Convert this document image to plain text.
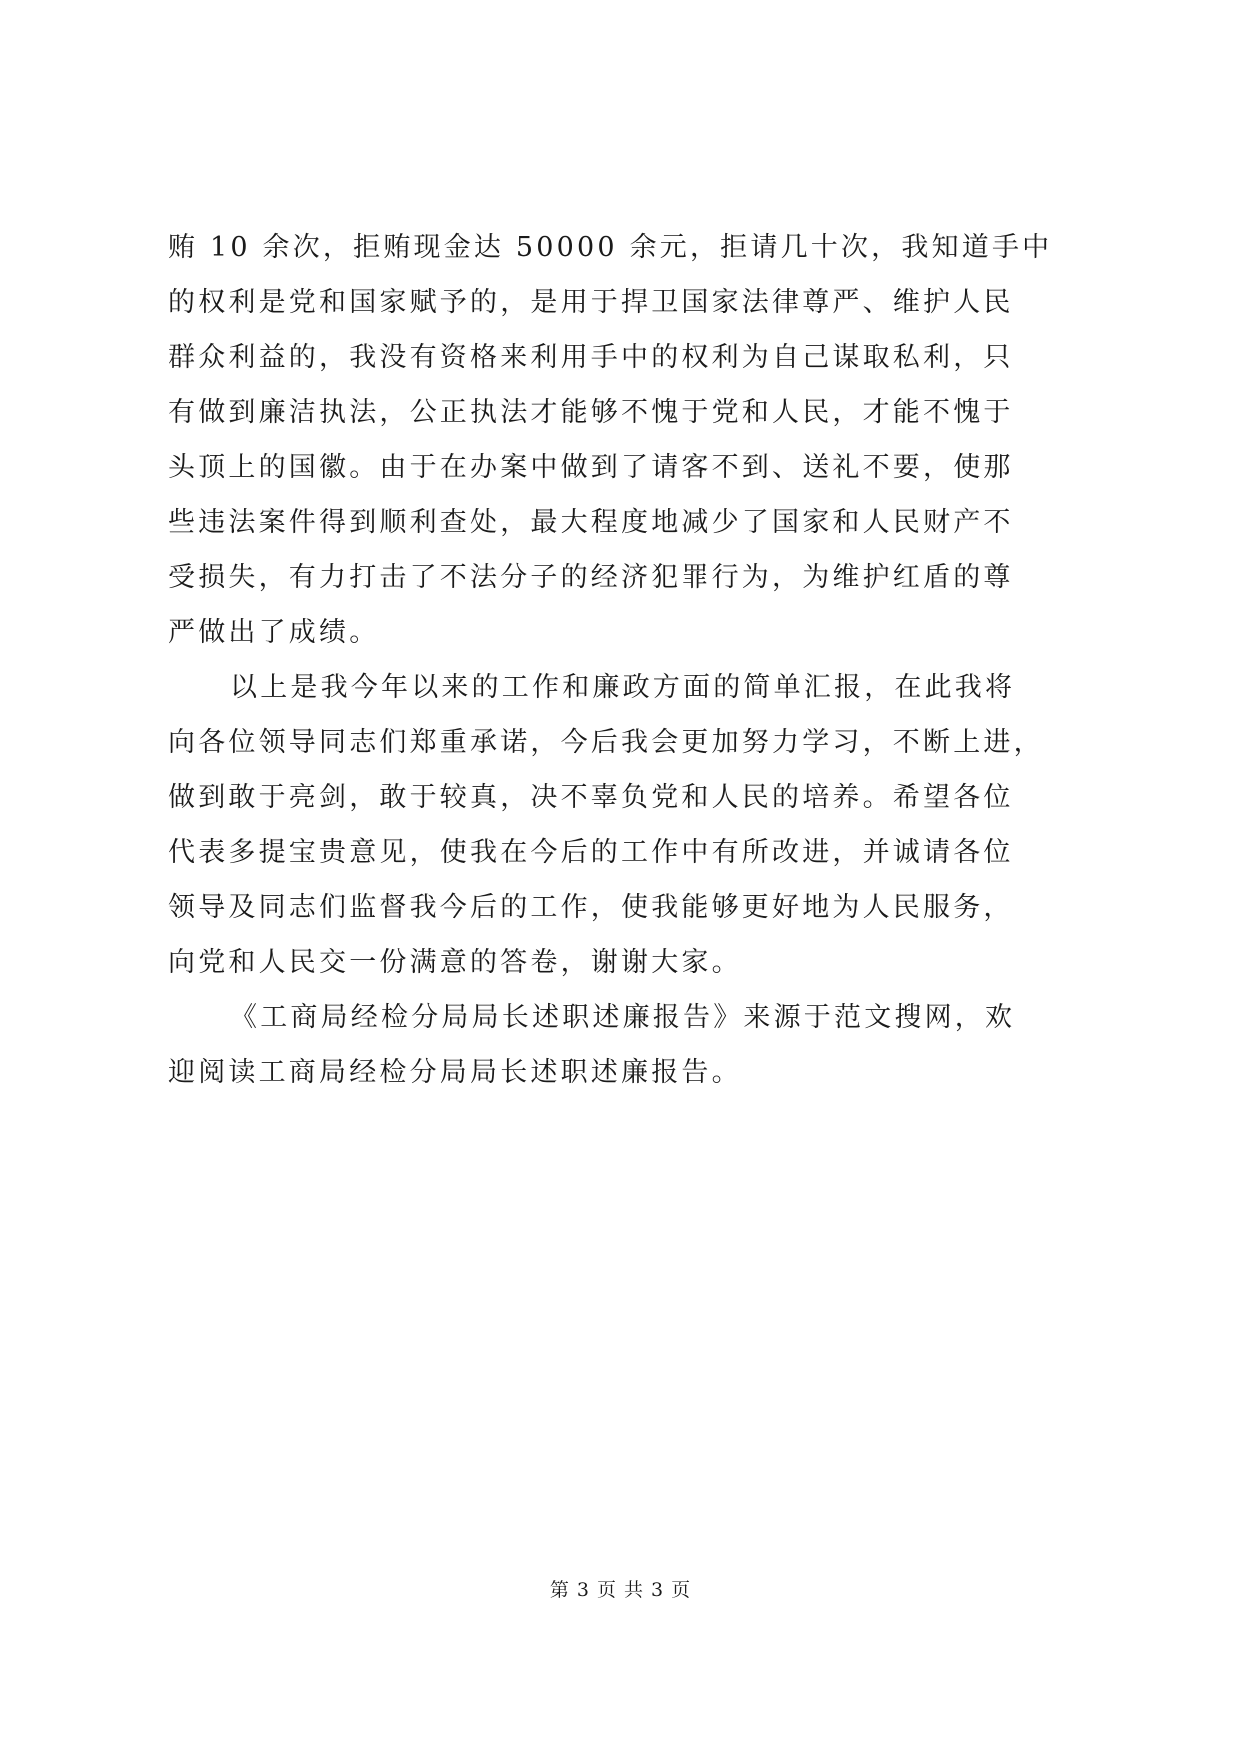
贿 10 余次，拒贿现金达 50000 余元，拒请几十次，我知道手中
的权利是党和国家赋予的，是用于捍卫国家法律尊严、维护人民
群众利益的，我没有资格来利用手中的权利为自己谋取私利，只
有做到廉洁执法，公正执法才能够不愧于党和人民，才能不愧于
头顶上的国徽。由于在办案中做到了请客不到、送礼不要，使那
些违法案件得到顺利查处，最大程度地减少了国家和人民财产不
受损失，有力打击了不法分子的经济犯罪行为，为维护红盾的尊
严做出了成绩。
以上是我今年以来的工作和廉政方面的简单汇报，在此我将
向各位领导同志们郑重承诺，今后我会更加努力学习，不断上进，
做到敢于亮剑，敢于较真，决不辜负党和人民的培养。希望各位
代表多提宝贵意见，使我在今后的工作中有所改进，并诚请各位
领导及同志们监督我今后的工作，使我能够更好地为人民服务，
向党和人民交一份满意的答卷，谢谢大家。
《工商局经检分局局长述职述廉报告》来源于范文搜网，欢
迎阅读工商局经检分局局长述职述廉报告。
第 3 页 共 3 页
